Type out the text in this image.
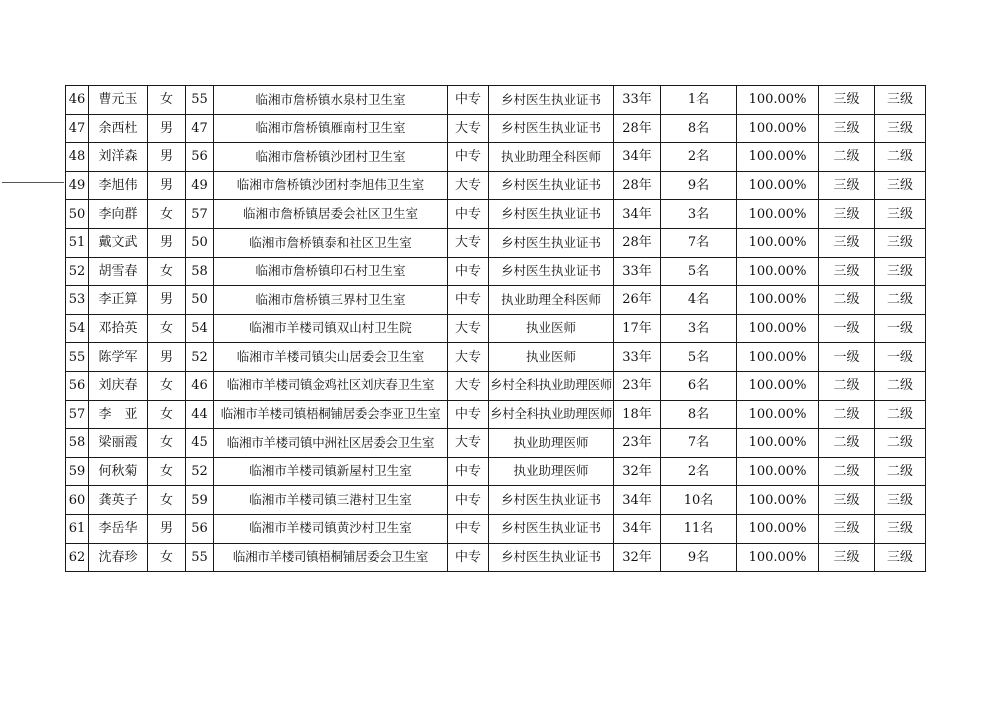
46	曹元玉	女	55	临湘市詹桥镇水泉村卫生室	中专	乡村医生执业证书	33年	1名	100.00%	三级	三级
47	余西杜	男	47	临湘市詹桥镇雁南村卫生室	大专	乡村医生执业证书	28年	8名	100.00%	三级	三级
48	刘洋森	男	56	临湘市詹桥镇沙团村卫生室	中专	执业助理全科医师	34年	2名	100.00%	二级	二级
49	李旭伟	男	49	临湘市詹桥镇沙团村李旭伟卫生室	大专	乡村医生执业证书	28年	9名	100.00%	三级	三级
50	李向群	女	57	临湘市詹桥镇居委会社区卫生室	中专	乡村医生执业证书	34年	3名	100.00%	三级	三级
51	戴文武	男	50	临湘市詹桥镇泰和社区卫生室	大专	乡村医生执业证书	28年	7名	100.00%	三级	三级
52	胡雪春	女	58	临湘市詹桥镇印石村卫生室	中专	乡村医生执业证书	33年	5名	100.00%	三级	三级
53	李正算	男	50	临湘市詹桥镇三界村卫生室	中专	执业助理全科医师	26年	4名	100.00%	二级	二级
54	邓拾英	女	54	临湘市羊楼司镇双山村卫生院	大专	执业医师	17年	3名	100.00%	一级	一级
55	陈学军	男	52	临湘市羊楼司镇尖山居委会卫生室	大专	执业医师	33年	5名	100.00%	一级	一级
56	刘庆春	女	46	临湘市羊楼司镇金鸡社区刘庆春卫生室	大专	乡村全科执业助理医师	23年	6名	100.00%	二级	二级
57	李　亚	女	44	临湘市羊楼司镇梧桐铺居委会李亚卫生室	中专	乡村全科执业助理医师	18年	8名	100.00%	二级	二级
58	梁丽霞	女	45	临湘市羊楼司镇中洲社区居委会卫生室	大专	执业助理医师	23年	7名	100.00%	二级	二级
59	何秋菊	女	52	临湘市羊楼司镇新屋村卫生室	中专	执业助理医师	32年	2名	100.00%	二级	二级
60	龚英子	女	59	临湘市羊楼司镇三港村卫生室	中专	乡村医生执业证书	34年	10名	100.00%	三级	三级
61	李岳华	男	56	临湘市羊楼司镇黄沙村卫生室	中专	乡村医生执业证书	34年	11名	100.00%	三级	三级
62	沈春珍	女	55	临湘市羊楼司镇梧桐铺居委会卫生室	中专	乡村医生执业证书	32年	9名	100.00%	三级	三级
